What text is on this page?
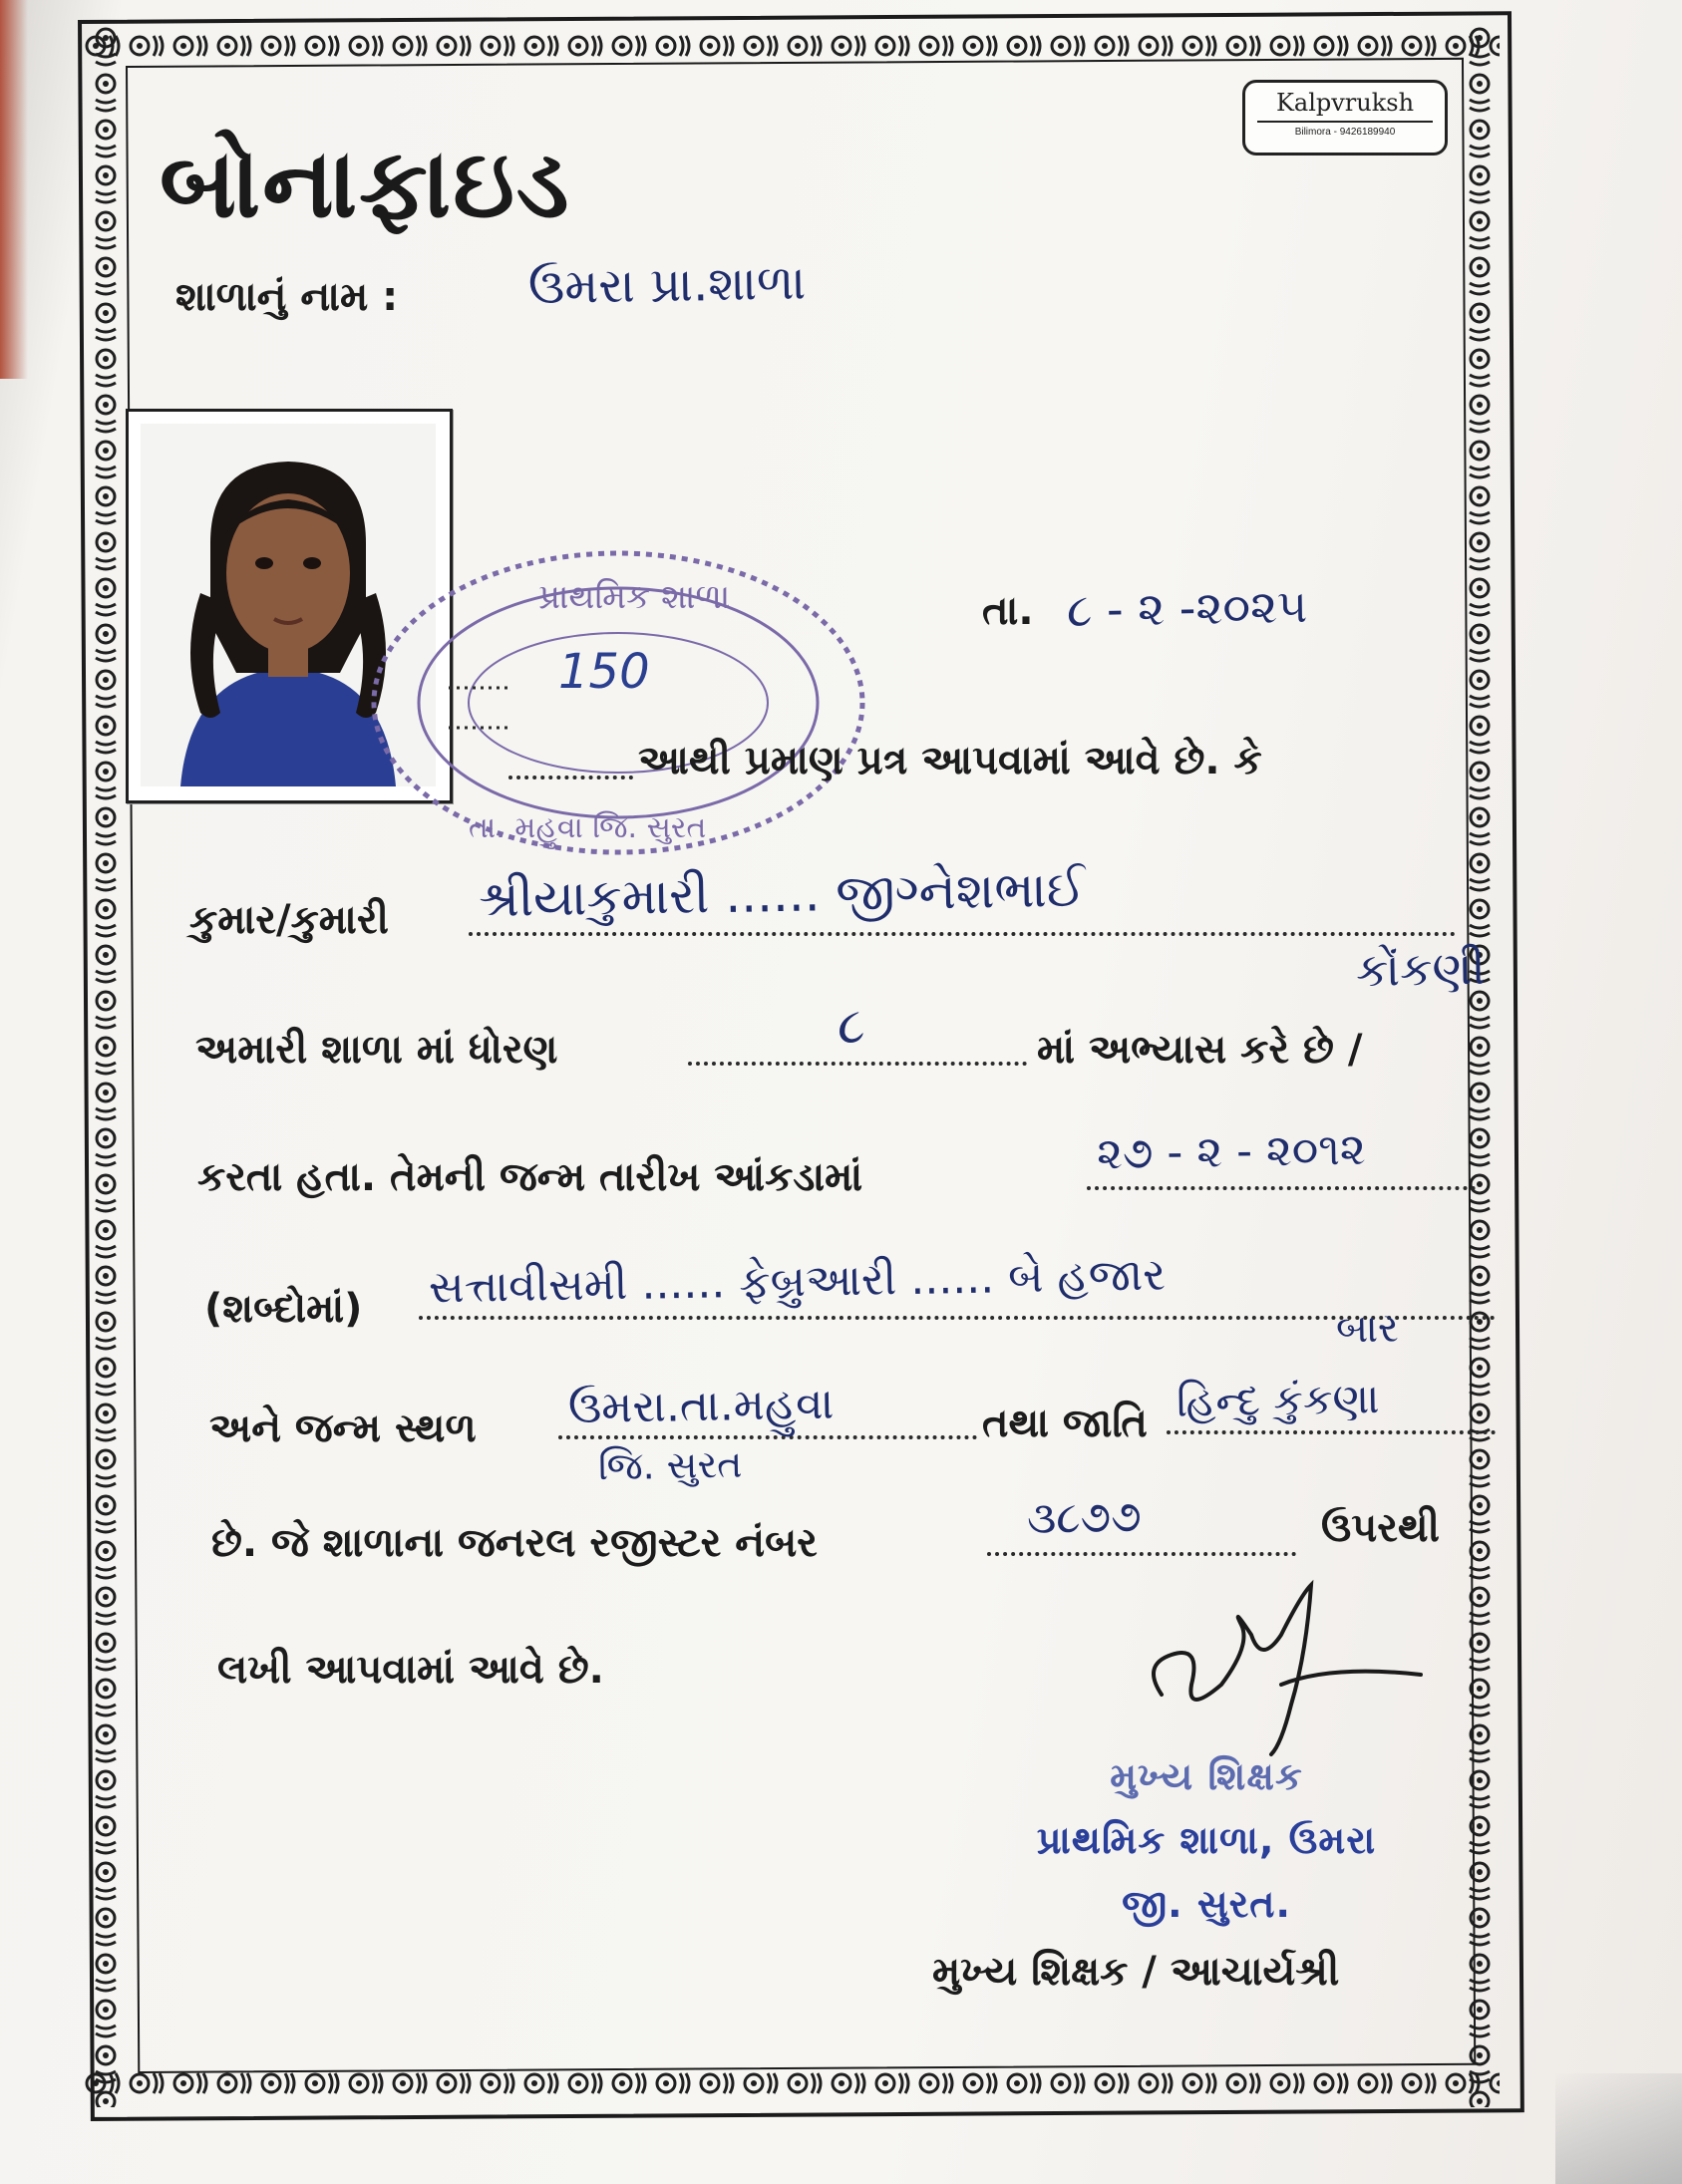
બોનાફાઇડ
Kalpvruksh
Bilimora - 9426189940
શાળાનું નામ :	ઉમરા પ્રા.શાળા
પ્રાથમિક શાળા
તા. મહુવા જિ. સુરત
150
તા. ૮ - ૨ -૨૦૨૫
આથી પ્રમાણ પ્રત્ર આપવામાં આવે છે. કે
કુમાર/કુમારી શ્રીયાકુમારી ...... જીગ્નેશભાઈ
કોંકણી
અમારી શાળા માં ધોરણ	૮	માં અભ્યાસ કરે છે /
કરતા હતા. તેમની જન્મ તારીખ આંકડામાં	૨૭ - ૨ - ૨૦૧૨
(શબ્દોમાં) સત્તાવીસમી ...... ફેબ્રુઆરી ...... બે હજાર
બાર
અને જન્મ સ્થળ ઉમરા.તા.મહુવા
જિ. સુરત
તથા જાતિ હિન્દુ કુંકણા
છે. જે શાળાના જનરલ રજીસ્ટર નંબર	૩૮૭૭	ઉપરથી
લખી આપવામાં આવે છે.
મુખ્ય શિક્ષક
પ્રાથમિક શાળા, ઉમરા
જી. સુરત.
મુખ્ય શિક્ષક / આચાર્યશ્રી
